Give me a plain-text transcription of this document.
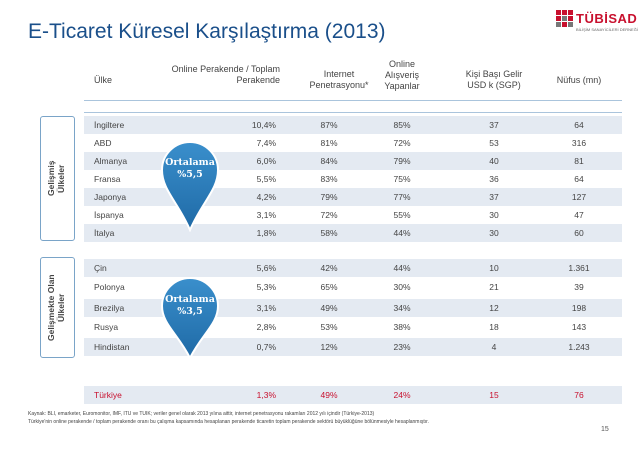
E-Ticaret Küresel Karşılaştırma (2013)
TÜBİSAD
BİLİŞİM SANAYİCİLERİ DERNEĞİ
Ülke
Online Perakende / Toplam
Perakende
Internet
Penetrasyonu*
Online
Alışveriş
Yapanlar
Kişi Başı Gelir
USD k (SGP)	Nüfus (mn)
Gelişmiş
Ülkeler
Gelişmekte Olan
Ülkeler
İngiltere	10,4%	87%	85%	37	64
ABD	7,4%	81%	72%	53	316
Almanya	6,0%	84%	79%	40	81
Fransa	5,5%	83%	75%	36	64
Japonya	4,2%	79%	77%	37	127
İspanya	3,1%	72%	55%	30	47
İtalya	1,8%	58%	44%	30	60
Çin	5,6%	42%	44%	10	1.361
Polonya	5,3%	65%	30%	21	39
Brezilya	3,1%	49%	34%	12	198
Rusya	2,8%	53%	38%	18	143
Hindistan	0,7%	12%	23%	4	1.243
Türkiye	1,3%	49%	24%	15	76
Ortalama
%5,5
Ortalama
%3,5
Kaynak: BLI, emarketer, Euromonitor, IMF, ITU ve TUIK; veriler genel olarak 2013 yılına aittir, internet penetrasyonu rakamları 2012 yılı içindir (Türkiye-2013)
Türkiye'nin online perakende / toplam perakende oranı bu çalışma kapsamında hesaplanan perakende ticaretin toplam perakende sektörü büyüklüğüne bölünmesiyle hesaplanmıştır.
15
